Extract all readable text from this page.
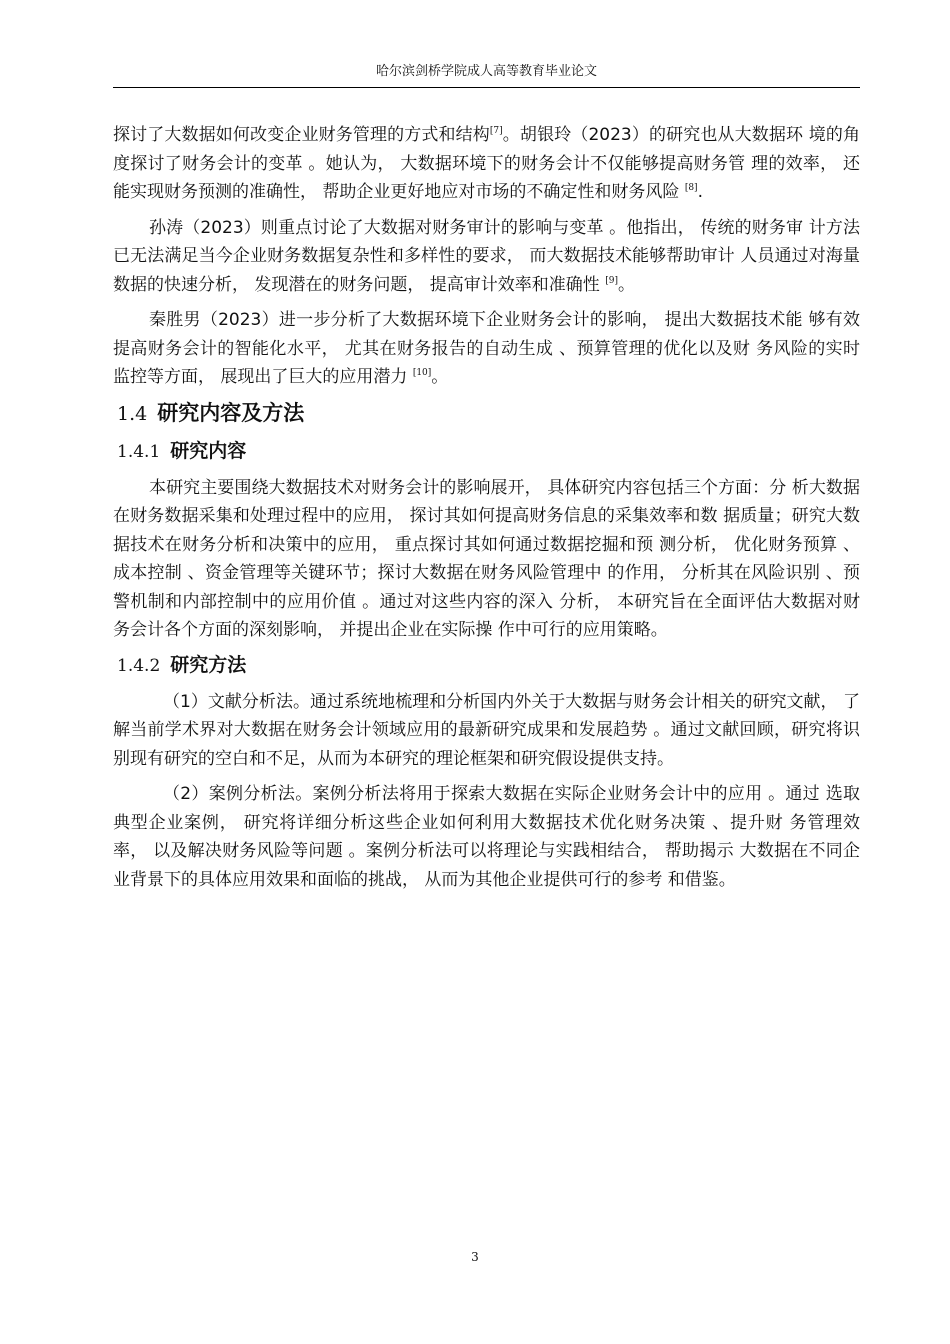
哈尔滨剑桥学院成人高等教育毕业论文

探讨了大数据如何改变企业财务管理的方式和结构[7]。胡银玲（2023）的研究也从大数据环 境的角度探讨了财务会计的变革 。她认为， 大数据环境下的财务会计不仅能够提高财务管 理的效率， 还能实现财务预测的准确性， 帮助企业更好地应对市场的不确定性和财务风险 [8].

孙涛（2023）则重点讨论了大数据对财务审计的影响与变革 。他指出， 传统的财务审 计方法已无法满足当今企业财务数据复杂性和多样性的要求， 而大数据技术能够帮助审计 人员通过对海量数据的快速分析， 发现潜在的财务问题， 提高审计效率和准确性 [9]。

秦胜男（2023）进一步分析了大数据环境下企业财务会计的影响， 提出大数据技术能 够有效提高财务会计的智能化水平， 尤其在财务报告的自动生成 、预算管理的优化以及财 务风险的实时监控等方面， 展现出了巨大的应用潜力 [10]。

1.4 研究内容及方法
1.4.1 研究内容

本研究主要围绕大数据技术对财务会计的影响展开， 具体研究内容包括三个方面：分 析大数据在财务数据采集和处理过程中的应用， 探讨其如何提高财务信息的采集效率和数 据质量；研究大数据技术在财务分析和决策中的应用， 重点探讨其如何通过数据挖掘和预 测分析， 优化财务预算 、成本控制 、资金管理等关键环节；探讨大数据在财务风险管理中 的作用， 分析其在风险识别 、预警机制和内部控制中的应用价值 。通过对这些内容的深入 分析， 本研究旨在全面评估大数据对财务会计各个方面的深刻影响， 并提出企业在实际操 作中可行的应用策略。

1.4.2 研究方法

（1）文献分析法。通过系统地梳理和分析国内外关于大数据与财务会计相关的研究文献， 了解当前学术界对大数据在财务会计领域应用的最新研究成果和发展趋势 。通过文献回顾，研究将识别现有研究的空白和不足，从而为本研究的理论框架和研究假设提供支持。

（2）案例分析法。案例分析法将用于探索大数据在实际企业财务会计中的应用 。通过 选取典型企业案例， 研究将详细分析这些企业如何利用大数据技术优化财务决策 、提升财 务管理效率， 以及解决财务风险等问题 。案例分析法可以将理论与实践相结合， 帮助揭示 大数据在不同企业背景下的具体应用效果和面临的挑战， 从而为其他企业提供可行的参考 和借鉴。

3
